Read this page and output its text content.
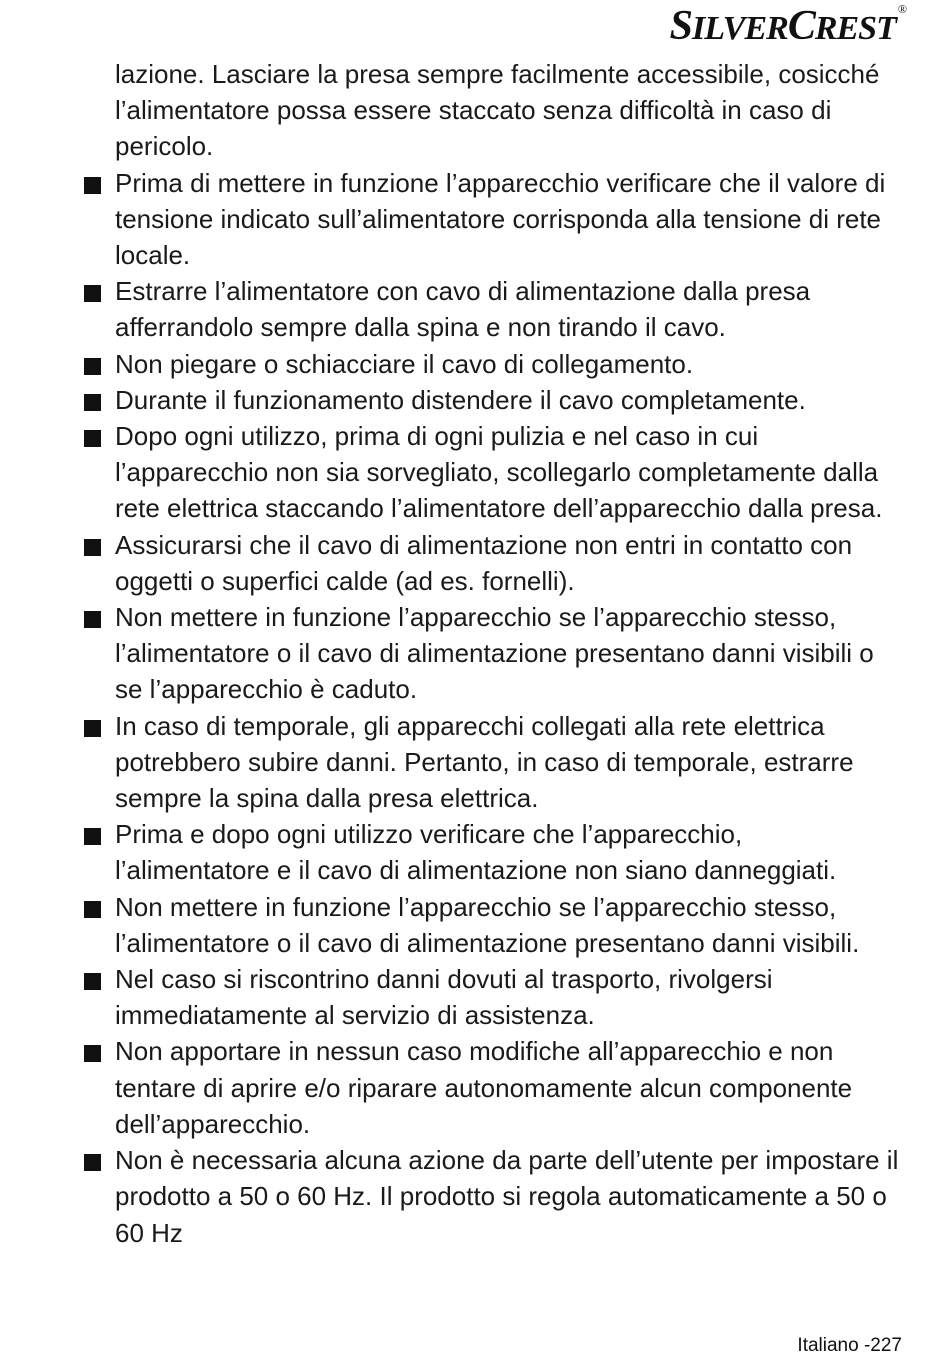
SILVERCREST®

lazione. Lasciare la presa sempre facilmente accessibile, cosicché l’alimentatore possa essere staccato senza difficoltà in caso di pericolo.

Prima di mettere in funzione l’apparecchio verificare che il valore di tensione indicato sull’alimentatore corrisponda alla tensione di rete locale.
Estrarre l’alimentatore con cavo di alimentazione dalla presa afferrandolo sempre dalla spina e non tirando il cavo.
Non piegare o schiacciare il cavo di collegamento.
Durante il funzionamento distendere il cavo completamente.
Dopo ogni utilizzo, prima di ogni pulizia e nel caso in cui l’apparecchio non sia sorvegliato, scollegarlo completamente dalla rete elettrica staccando l’alimentatore dell’apparecchio dalla presa.
Assicurarsi che il cavo di alimentazione non entri in contatto con oggetti o superfici calde (ad es. fornelli).
Non mettere in funzione l’apparecchio se l’apparecchio stesso, l’alimentatore o il cavo di alimentazione presentano danni visibili o se l’apparecchio è caduto.
In caso di temporale, gli apparecchi collegati alla rete elettrica potrebbero subire danni. Pertanto, in caso di temporale, estrarre sempre la spina dalla presa elettrica.
Prima e dopo ogni utilizzo verificare che l’apparecchio, l’alimentatore e il cavo di alimentazione non siano danneggiati.
Non mettere in funzione l’apparecchio se l’apparecchio stesso, l’alimentatore o il cavo di alimentazione presentano danni visibili.
Nel caso si riscontrino danni dovuti al trasporto, rivolgersi immediatamente al servizio di assistenza.
Non apportare in nessun caso modifiche all’apparecchio e non tentare di aprire e/o riparare autonomamente alcun componente dell’apparecchio.
Non è necessaria alcuna azione da parte dell’utente per impostare il prodotto a 50 o 60 Hz. Il prodotto si regola automaticamente a 50 o 60 Hz
Italiano -227
